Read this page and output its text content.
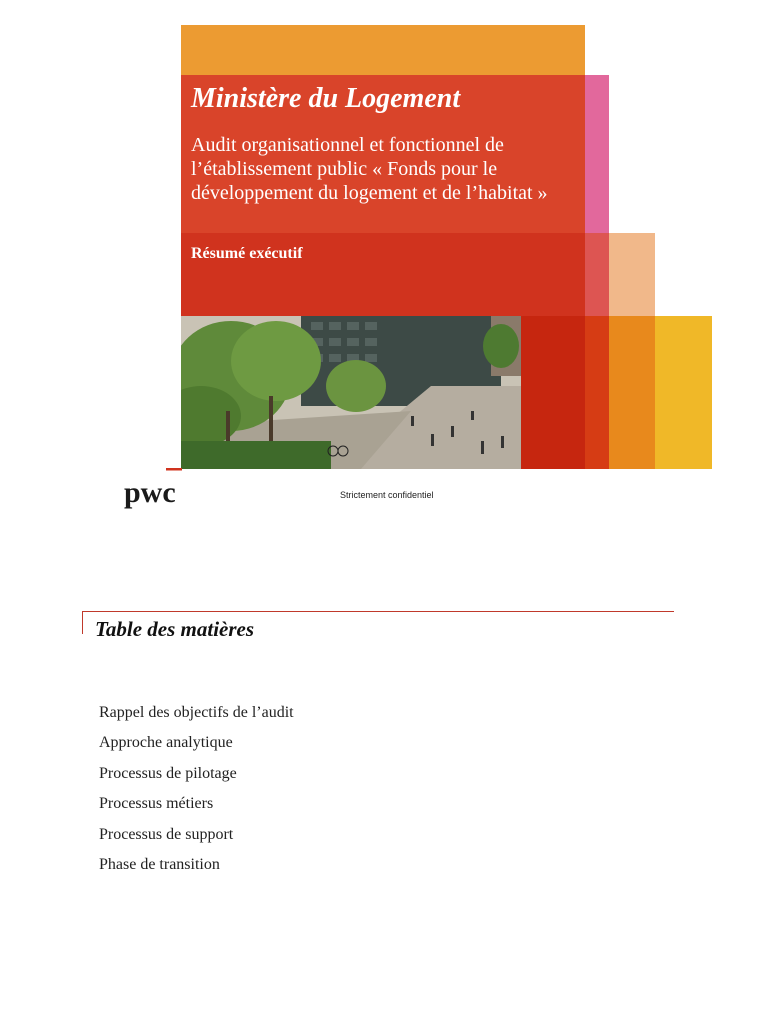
Ministère du Logement
Audit organisationnel et fonctionnel de l’établissement public « Fonds pour le développement du logement et de l’habitat »
Résumé exécutif
pwc	Strictement confidentiel
Table des matières
Rappel des objectifs de l’audit
Approche analytique
Processus de pilotage
Processus métiers
Processus de support
Phase de transition
